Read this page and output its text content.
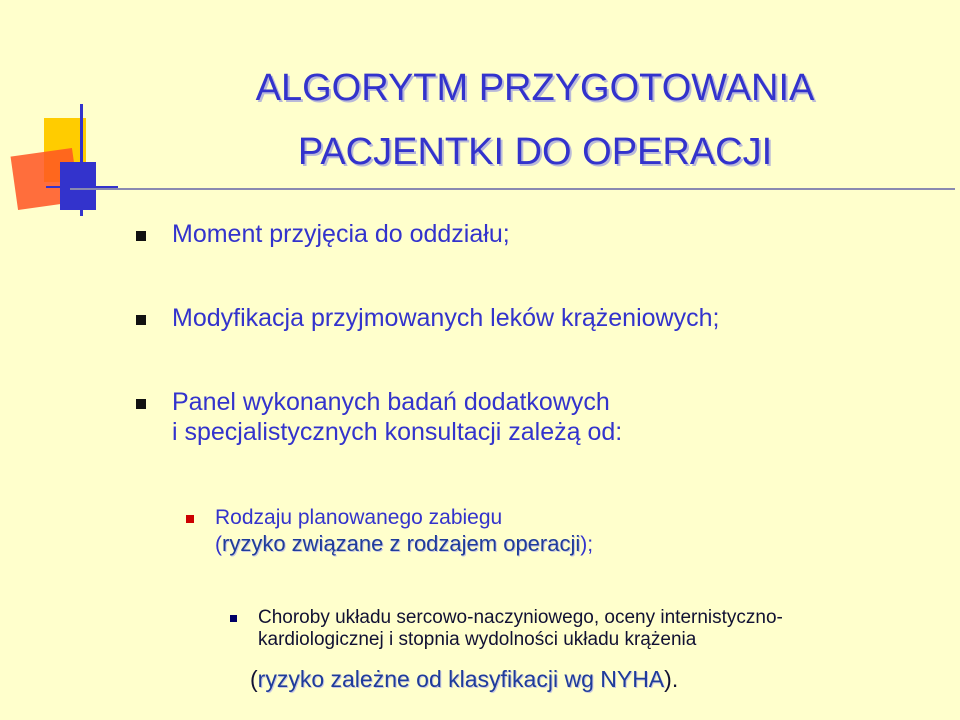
ALGORYTM PRZYGOTOWANIA
PACJENTKI DO OPERACJI
Moment przyjęcia do oddziału;
Modyfikacja przyjmowanych leków krążeniowych;
Panel wykonanych badań dodatkowych
i specjalistycznych konsultacji zależą od:
Rodzaju planowanego zabiegu
(ryzyko związane z rodzajem operacji);
Choroby układu sercowo-naczyniowego, oceny internistyczno-
kardiologicznej i stopnia wydolności układu krążenia
(ryzyko zależne od klasyfikacji wg NYHA).
